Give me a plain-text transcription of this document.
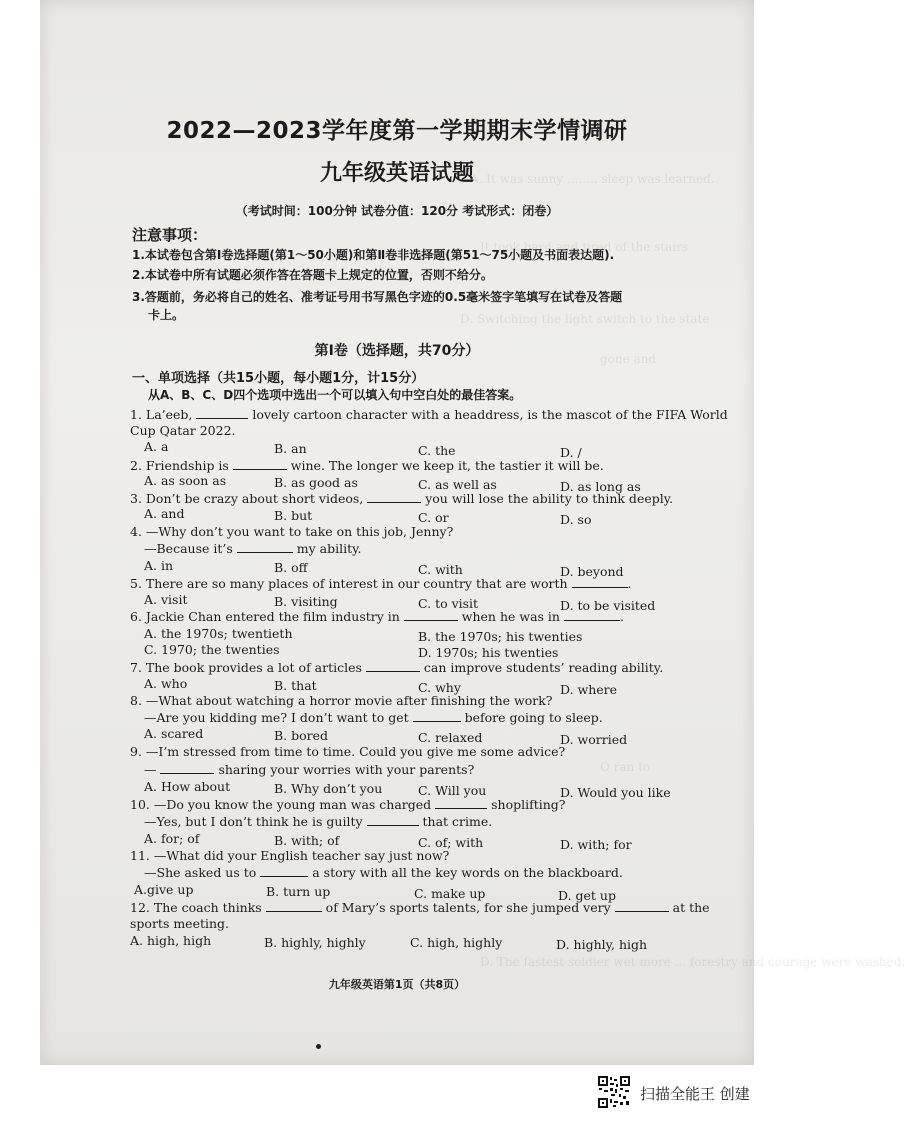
A. It was sunny ........ sleep was learned.
It took hard and tired of the stairs
D. Switching the light switch to the state
gone and
O ran to
2022—2023学年度第一学期期末学情调研
九年级英语试题
（考试时间：100分钟 试卷分值：120分 考试形式：闭卷）
注意事项：
1.本试卷包含第Ⅰ卷选择题(第1～50小题)和第Ⅱ卷非选择题(第51～75小题及书面表达题).
2.本试卷中所有试题必须作答在答题卡上规定的位置，否则不给分。
3.答题前，务必将自己的姓名、准考证号用书写黑色字迹的0.5毫米签字笔填写在试卷及答题
卡上。
第Ⅰ卷（选择题，共70分）
一、单项选择（共15小题，每小题1分，计15分）
从A、B、C、D四个选项中选出一个可以填入句中空白处的最佳答案。
1. La’eeb,	lovely cartoon character with a headdress, is the mascot of the FIFA World
Cup Qatar 2022.
A. a	B. an	C. the	D. /
2. Friendship is	wine. The longer we keep it, the tastier it will be.
A. as soon as	B. as good as	C. as well as	D. as long as
3. Don’t be crazy about short videos,	you will lose the ability to think deeply.
A. and	B. but	C. or	D. so
4. —Why don’t you want to take on this job, Jenny?
—Because it’s	my ability.
A. in	B. off	C. with	D. beyond
5. There are so many places of interest in our country that are worth	.
A. visit	B. visiting	C. to visit	D. to be visited
6. Jackie Chan entered the film industry in	when he was in	.
A. the 1970s; twentieth	B. the 1970s; his twenties
C. 1970; the twenties	D. 1970s; his twenties
7. The book provides a lot of articles	can improve students’ reading ability.
A. who	B. that	C. why	D. where
8. —What about watching a horror movie after finishing the work?
—Are you kidding me? I don’t want to get	before going to sleep.
A. scared	B. bored	C. relaxed	D. worried
9. —I’m stressed from time to time. Could you give me some advice?
—	sharing your worries with your parents?
A. How about	B. Why don’t you	C. Will you	D. Would you like
10. —Do you know the young man was charged	shoplifting?
—Yes, but I don’t think he is guilty	that crime.
A. for; of	B. with; of	C. of; with	D. with; for
11. —What did your English teacher say just now?
—She asked us to	a story with all the key words on the blackboard.
A.give up	B. turn up	C. make up	D. get up
12. The coach thinks	of Mary’s sports talents, for she jumped very	at the
sports meeting.
A. high, high	B. highly, highly	C. high, highly	D. highly, high
D. The fastest soldier wet more ... forestry and courage were washed.
九年级英语第1页（共8页）
扫描全能王 创建
